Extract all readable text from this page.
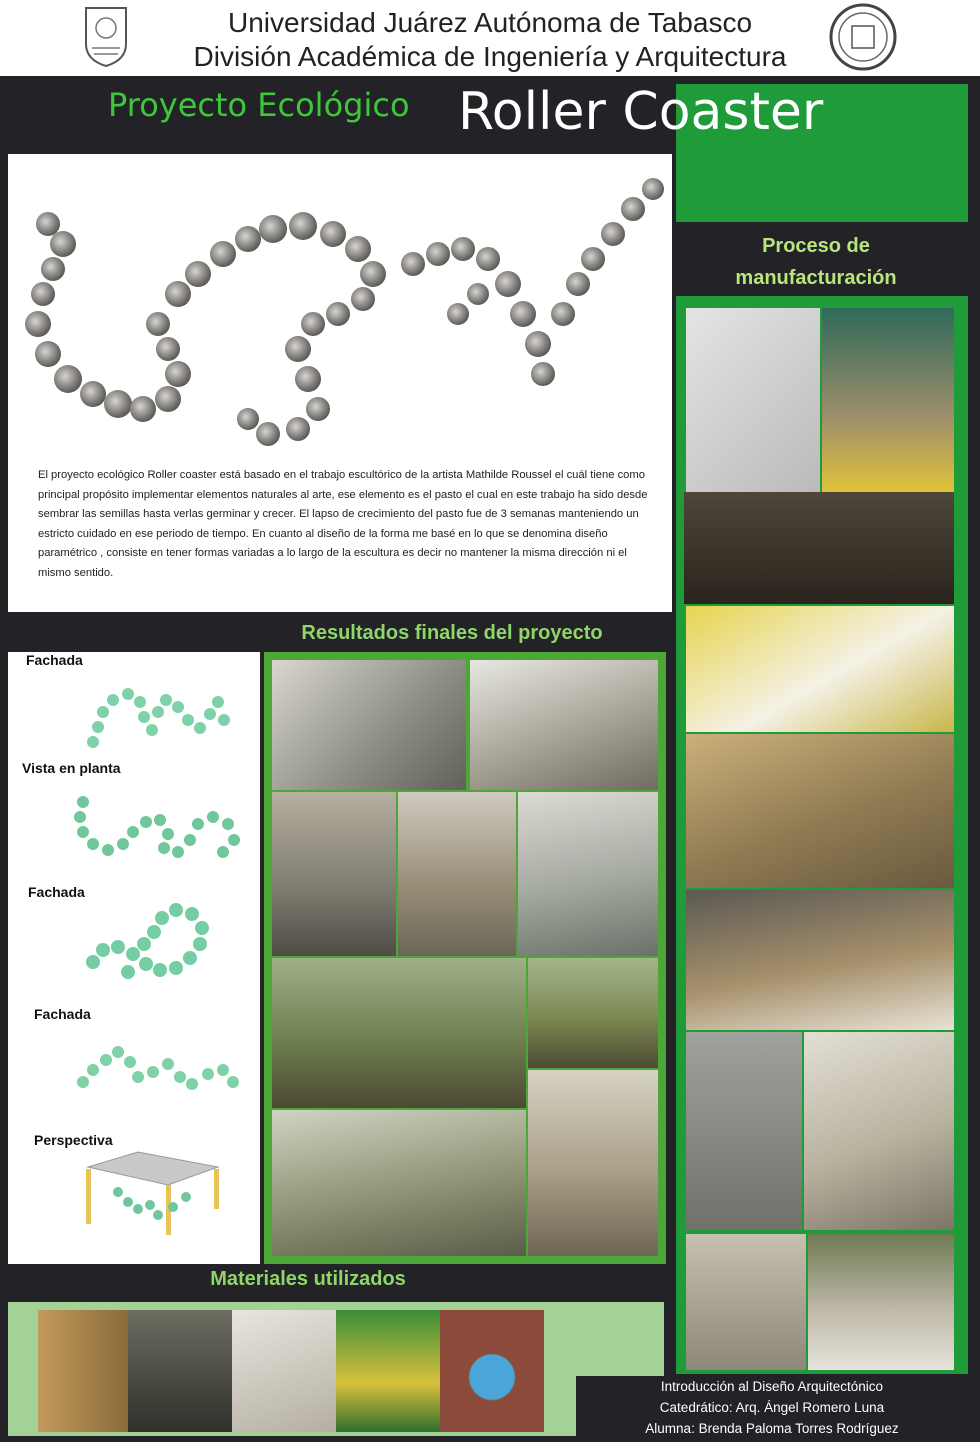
Universidad Juárez Autónoma de Tabasco
División Académica de Ingeniería y Arquitectura
Proyecto Ecológico Roller Coaster
El proyecto ecológico Roller coaster está basado en el trabajo escultórico de la artista Mathilde Roussel el cuál tiene como principal propósito implementar elementos naturales al arte, ese elemento es el pasto el cual en este trabajo ha sido desde sembrar las semillas hasta verlas germinar y crecer. El lapso de crecimiento del pasto fue de 3 semanas manteniendo un estricto cuidado en ese periodo de tiempo. En cuanto al diseño de la forma me basé en lo que se denomina diseño paramétrico , consiste en tener formas variadas a lo largo de la escultura es decir no mantener la misma dirección ni el mismo sentido.
Resultados finales del proyecto
Fachada
Vista en planta
Fachada
Fachada
Perspectiva
Materiales utilizados
Proceso de
manufacturación
Introducción al Diseño Arquitectónico
Catedrático: Arq. Ángel Romero Luna
Alumna: Brenda Paloma Torres Rodríguez
